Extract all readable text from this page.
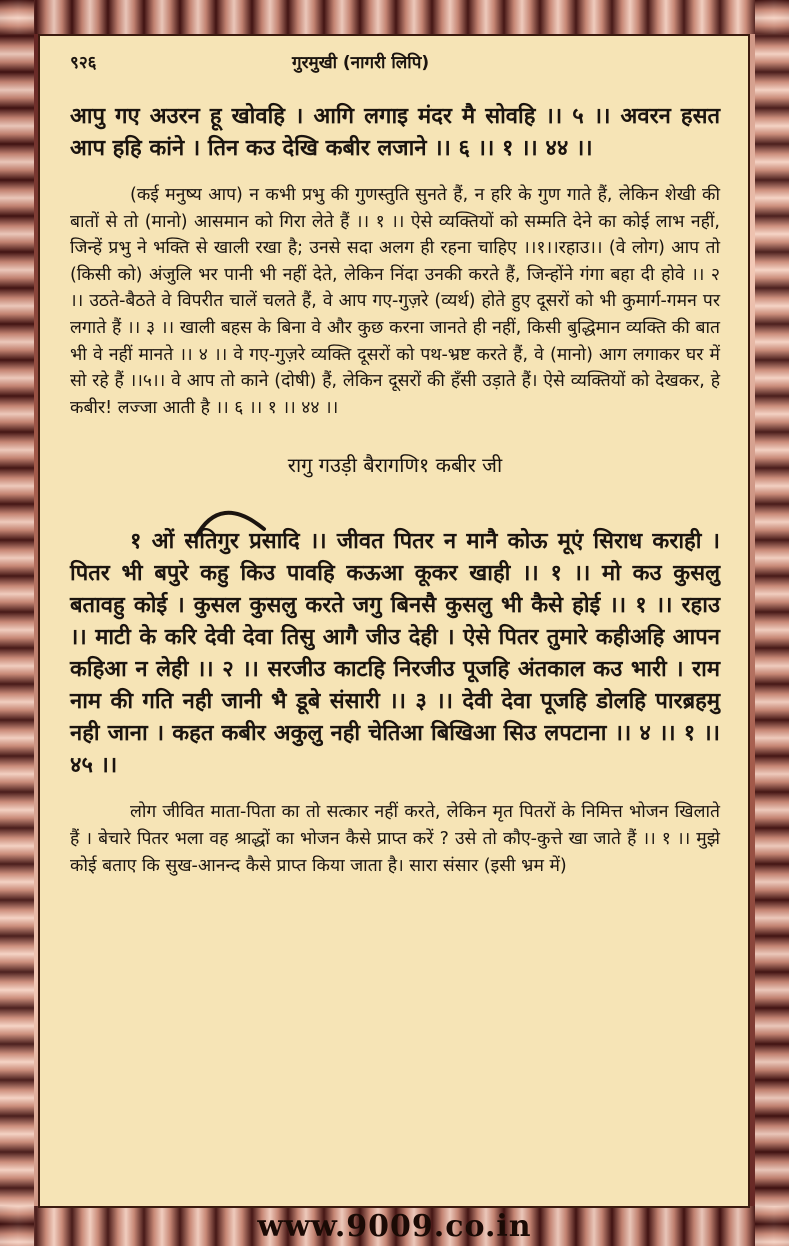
९२६	गुरमुखी (नागरी लिपि)

आपु गए अउरन हू खोवहि । आगि लगाइ मंदर मै सोवहि ।। ५ ।। अवरन हसत आप हहि कांने । तिन कउ देखि कबीर लजाने ।। ६ ।। १ ।। ४४ ।।

(कई मनुष्य आप) न कभी प्रभु की गुणस्तुति सुनते हैं, न हरि के गुण गाते हैं, लेकिन शेखी की बातों से तो (मानो) आसमान को गिरा लेते हैं ।। १ ।। ऐसे व्यक्तियों को सम्मति देने का कोई लाभ नहीं, जिन्हें प्रभु ने भक्ति से खाली रखा है; उनसे सदा अलग ही रहना चाहिए ।।१।।रहाउ।। (वे लोग) आप तो (किसी को) अंजुलि भर पानी भी नहीं देते, लेकिन निंदा उनकी करते हैं, जिन्होंने गंगा बहा दी होवे ।। २ ।। उठते-बैठते वे विपरीत चालें चलते हैं, वे आप गए-गुज़रे (व्यर्थ) होते हुए दूसरों को भी कुमार्ग-गमन पर लगाते हैं ।। ३ ।। खाली बहस के बिना वे और कुछ करना जानते ही नहीं, किसी बुद्धिमान व्यक्ति की बात भी वे नहीं मानते ।। ४ ।। वे गए-गुज़रे व्यक्ति दूसरों को पथ-भ्रष्ट करते हैं, वे (मानो) आग लगाकर घर में सो रहे हैं ।।५।। वे आप तो काने (दोषी) हैं, लेकिन दूसरों की हँसी उड़ाते हैं। ऐसे व्यक्तियों को देखकर, हे कबीर! लज्जा आती है ।। ६ ।। १ ।। ४४ ।।

रागु गउड़ी बैरागणि१ कबीर जी

१ ओं सतिगुर प्रसादि ।। जीवत पितर न मानै कोऊ मूएं सिराध कराही । पितर भी बपुरे कहु किउ पावहि कऊआ कूकर खाही ।। १ ।। मो कउ कुसलु बतावहु कोई । कुसल कुसलु करते जगु बिनसै कुसलु भी कैसे होई ।। १ ।। रहाउ ।। माटी के करि देवी देवा तिसु आगै जीउ देही । ऐसे पितर तुमारे कहीअहि आपन कहिआ न लेही ।। २ ।। सरजीउ काटहि निरजीउ पूजहि अंतकाल कउ भारी । राम नाम की गति नही जानी भै डूबे संसारी ।। ३ ।। देवी देवा पूजहि डोलहि पारब्रहमु नही जाना । कहत कबीर अकुलु नही चेतिआ बिखिआ सिउ लपटाना ।। ४ ।। १ ।। ४५ ।।

लोग जीवित माता-पिता का तो सत्कार नहीं करते, लेकिन मृत पितरों के निमित्त भोजन खिलाते हैं । बेचारे पितर भला वह श्राद्धों का भोजन कैसे प्राप्त करें ? उसे तो कौए-कुत्ते खा जाते हैं ।। १ ।। मुझे कोई बताए कि सुख-आनन्द कैसे प्राप्त किया जाता है। सारा संसार (इसी भ्रम में)

www.9009.co.in
